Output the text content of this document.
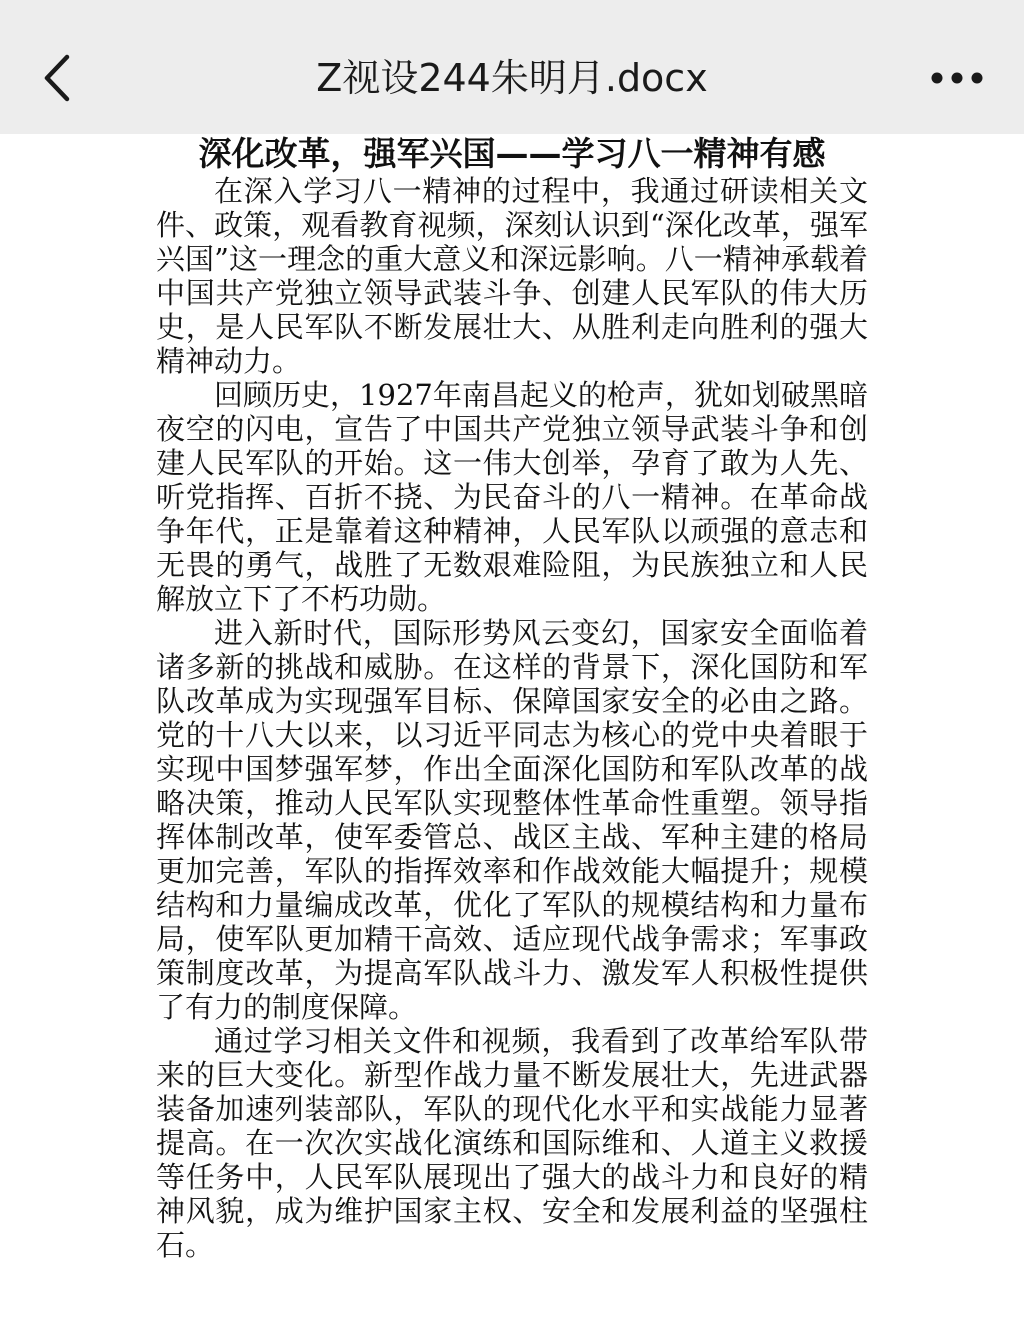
Z视设244朱明月.docx
深化改革，强军兴国——学习八一精神有感

在深入学习八一精神的过程中，我通过研读相关文件、政策，观看教育视频，深刻认识到“深化改革，强军兴国”这一理念的重大意义和深远影响。八一精神承载着中国共产党独立领导武装斗争、创建人民军队的伟大历史，是人民军队不断发展壮大、从胜利走向胜利的强大精神动力。

回顾历史，1927年南昌起义的枪声，犹如划破黑暗夜空的闪电，宣告了中国共产党独立领导武装斗争和创建人民军队的开始。这一伟大创举，孕育了敢为人先、听党指挥、百折不挠、为民奋斗的八一精神。在革命战争年代，正是靠着这种精神，人民军队以顽强的意志和无畏的勇气，战胜了无数艰难险阻，为民族独立和人民解放立下了不朽功勋。

进入新时代，国际形势风云变幻，国家安全面临着诸多新的挑战和威胁。在这样的背景下，深化国防和军队改革成为实现强军目标、保障国家安全的必由之路。党的十八大以来，以习近平同志为核心的党中央着眼于实现中国梦强军梦，作出全面深化国防和军队改革的战略决策，推动人民军队实现整体性革命性重塑。领导指挥体制改革，使军委管总、战区主战、军种主建的格局更加完善，军队的指挥效率和作战效能大幅提升；规模结构和力量编成改革，优化了军队的规模结构和力量布局，使军队更加精干高效、适应现代战争需求；军事政策制度改革，为提高军队战斗力、激发军人积极性提供了有力的制度保障。

通过学习相关文件和视频，我看到了改革给军队带来的巨大变化。新型作战力量不断发展壮大，先进武器装备加速列装部队，军队的现代化水平和实战能力显著提高。在一次次实战化演练和国际维和、人道主义救援等任务中，人民军队展现出了强大的战斗力和良好的精神风貌，成为维护国家主权、安全和发展利益的坚强柱石。
